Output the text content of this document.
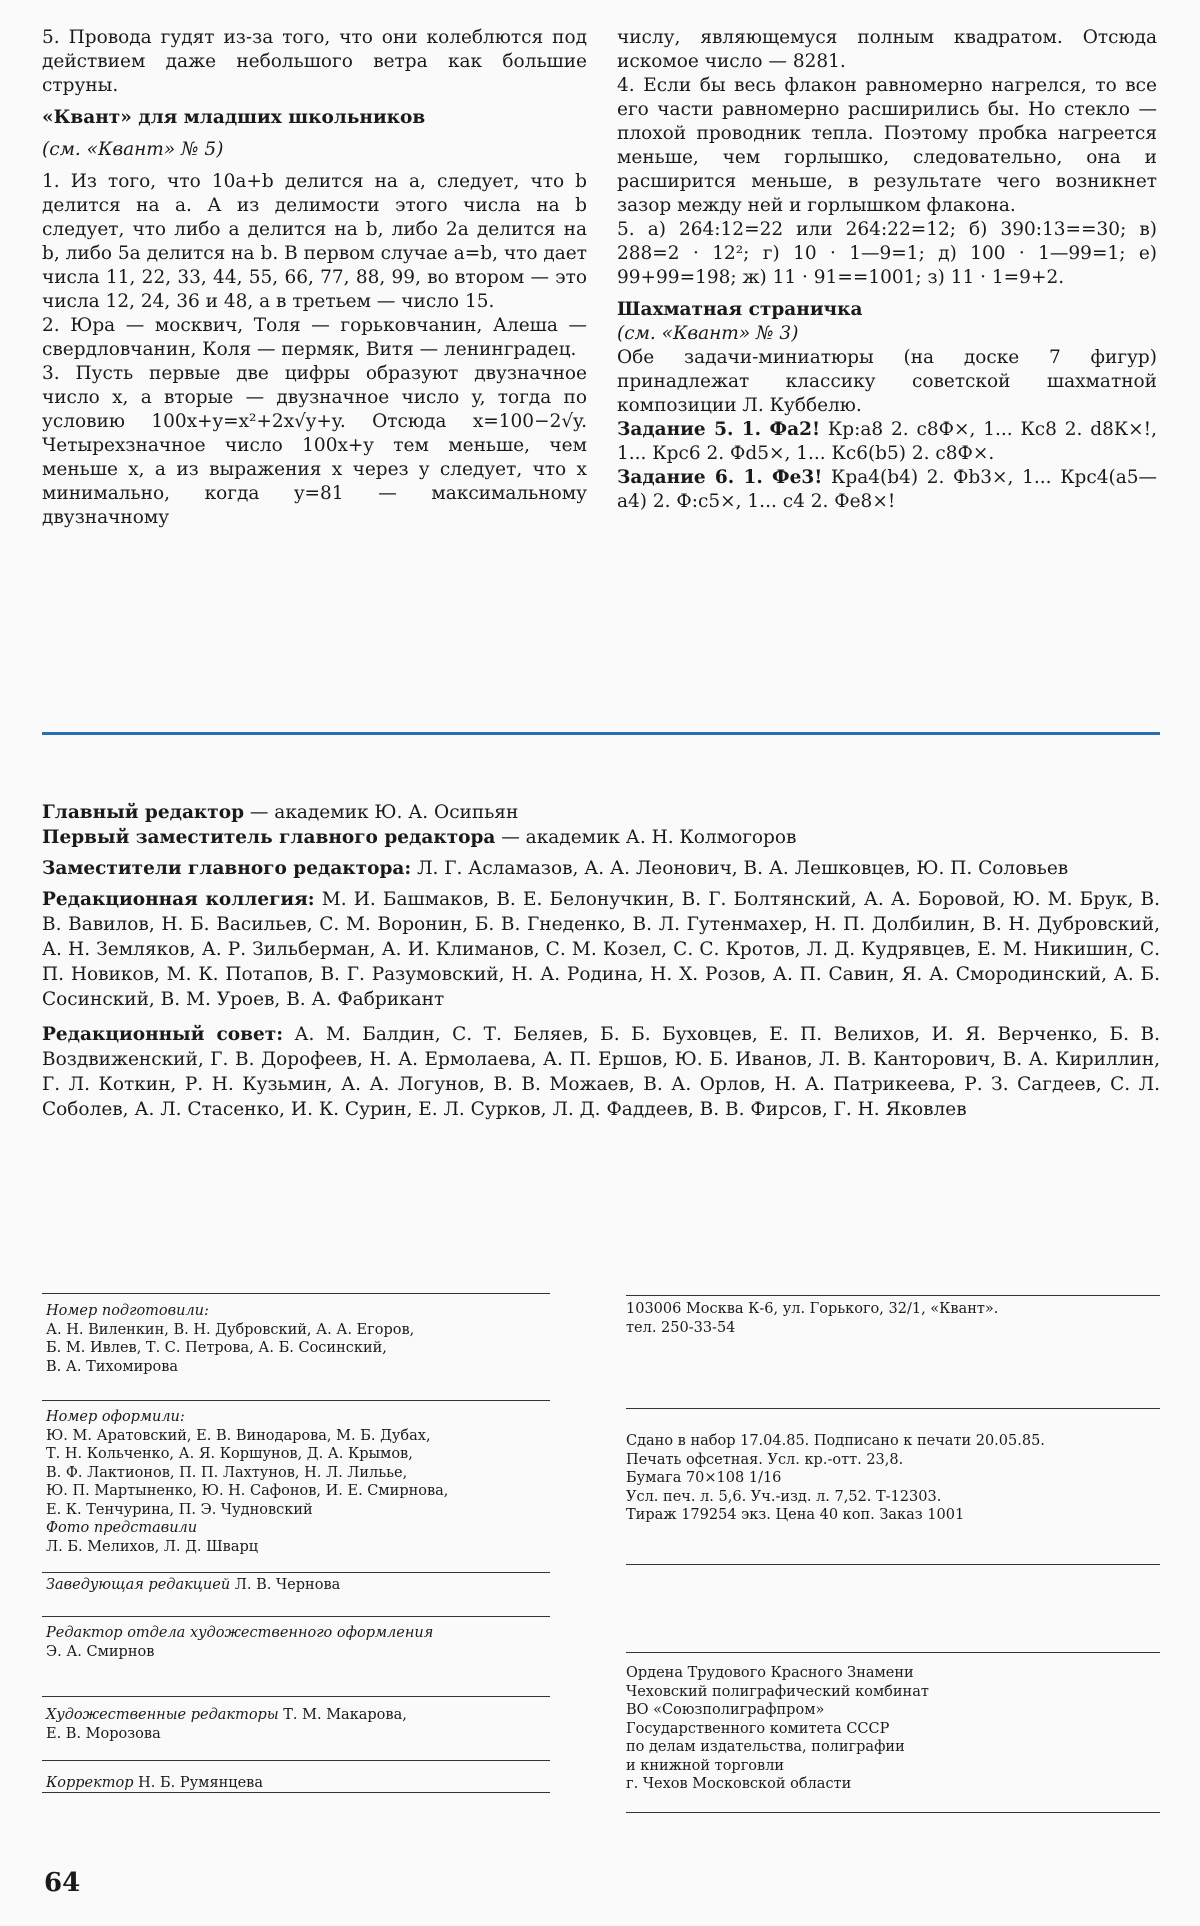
5. Провода гудят из-за того, что они колеблются под действием даже небольшого ветра как большие струны.

«Квант» для младших школьников

(см. «Квант» № 5)

1. Из того, что 10a+b делится на a, следует, что b делится на a. А из делимости этого числа на b следует, что либо a делится на b, либо 2a делится на b, либо 5a делится на b. В первом случае a=b, что дает числа 11, 22, 33, 44, 55, 66, 77, 88, 99, во втором — это числа 12, 24, 36 и 48, а в третьем — число 15.

2. Юра — москвич, Толя — горьковчанин, Алеша — свердловчанин, Коля — пермяк, Витя — ленинградец.

3. Пусть первые две цифры образуют двузначное число x, а вторые — двузначное число y, тогда по условию 100x+y=x²+2x√y+y. Отсюда x=100−2√y. Четырехзначное число 100x+y тем меньше, чем меньше x, а из выражения x через y следует, что x минимально, когда y=81 — максимальному двузначному

числу, являющемуся полным квадратом. Отсюда искомое число — 8281.

4. Если бы весь флакон равномерно нагрелся, то все его части равномерно расширились бы. Но стекло — плохой проводник тепла. Поэтому пробка нагреется меньше, чем горлышко, следовательно, она и расширится меньше, в результате чего возникнет зазор между ней и горлышком флакона.

5. а) 264:12=22 или 264:22=12; б) 390:13==30; в) 288=2 · 12²; г) 10 · 1—9=1; д) 100 · 1—99=1; е) 99+99=198; ж) 11 · 91==1001; з) 11 · 1=9+2.

Шахматная страничка

(см. «Квант» № 3)

Обе задачи-миниатюры (на доске 7 фигур) принадлежат классику советской шахматной композиции Л. Куббелю.

Задание 5. 1. Фа2! Кр:а8 2. с8Ф×, 1... Кс8 2. d8К×!, 1... Крс6 2. Фd5×, 1... Кс6(b5) 2. с8Ф×.

Задание 6. 1. Фе3! Кра4(b4) 2. Фb3×, 1... Крс4(а5—а4) 2. Ф:с5×, 1... с4 2. Фе8×!

Главный редактор — академик Ю. А. Осипьян

Первый заместитель главного редактора — академик А. Н. Колмогоров

Заместители главного редактора: Л. Г. Асламазов, А. А. Леонович, В. А. Лешковцев, Ю. П. Соловьев

Редакционная коллегия: М. И. Башмаков, В. Е. Белонучкин, В. Г. Болтянский, А. А. Боровой, Ю. М. Брук, В. В. Вавилов, Н. Б. Васильев, С. М. Воронин, Б. В. Гнеденко, В. Л. Гутенмахер, Н. П. Долбилин, В. Н. Дубровский, А. Н. Земляков, А. Р. Зильберман, А. И. Климанов, С. М. Козел, С. С. Кротов, Л. Д. Кудрявцев, Е. М. Никишин, С. П. Новиков, М. К. Потапов, В. Г. Разумовский, Н. А. Родина, Н. Х. Розов, А. П. Савин, Я. А. Смородинский, А. Б. Сосинский, В. М. Уроев, В. А. Фабрикант

Редакционный совет: А. М. Балдин, С. Т. Беляев, Б. Б. Буховцев, Е. П. Велихов, И. Я. Верченко, Б. В. Воздвиженский, Г. В. Дорофеев, Н. А. Ермолаева, А. П. Ершов, Ю. Б. Иванов, Л. В. Канторович, В. А. Кириллин, Г. Л. Коткин, Р. Н. Кузьмин, А. А. Логунов, В. В. Можаев, В. А. Орлов, Н. А. Патрикеева, Р. З. Сагдеев, С. Л. Соболев, А. Л. Стасенко, И. К. Сурин, Е. Л. Сурков, Л. Д. Фаддеев, В. В. Фирсов, Г. Н. Яковлев

Номер подготовили:

А. Н. Виленкин, В. Н. Дубровский, А. А. Егоров,

Б. М. Ивлев, Т. С. Петрова, А. Б. Сосинский,

В. А. Тихомирова

Номер оформили:

Ю. М. Аратовский, Е. В. Винодарова, М. Б. Дубах,

Т. Н. Кольченко, А. Я. Коршунов, Д. А. Крымов,

В. Ф. Лактионов, П. П. Лахтунов, Н. Л. Лильье,

Ю. П. Мартыненко, Ю. Н. Сафонов, И. Е. Смирнова,

Е. К. Тенчурина, П. Э. Чудновский

Фото представили

Л. Б. Мелихов, Л. Д. Шварц

Заведующая редакцией Л. В. Чернова

Редактор отдела художественного оформления

Э. А. Смирнов

Художественные редакторы Т. М. Макарова,

Е. В. Морозова

Корректор Н. Б. Румянцева

103006 Москва К-6, ул. Горького, 32/1, «Квант».

тел. 250-33-54

Сдано в набор 17.04.85. Подписано к печати 20.05.85.

Печать офсетная. Усл. кр.-отт. 23,8.

Бумага 70×108 1/16

Усл. печ. л. 5,6. Уч.-изд. л. 7,52. Т-12303.

Тираж 179254 экз. Цена 40 коп. Заказ 1001

Ордена Трудового Красного Знамени

Чеховский полиграфический комбинат

ВО «Союзполиграфпром»

Государственного комитета СССР

по делам издательства, полиграфии

и книжной торговли

г. Чехов Московской области

64
